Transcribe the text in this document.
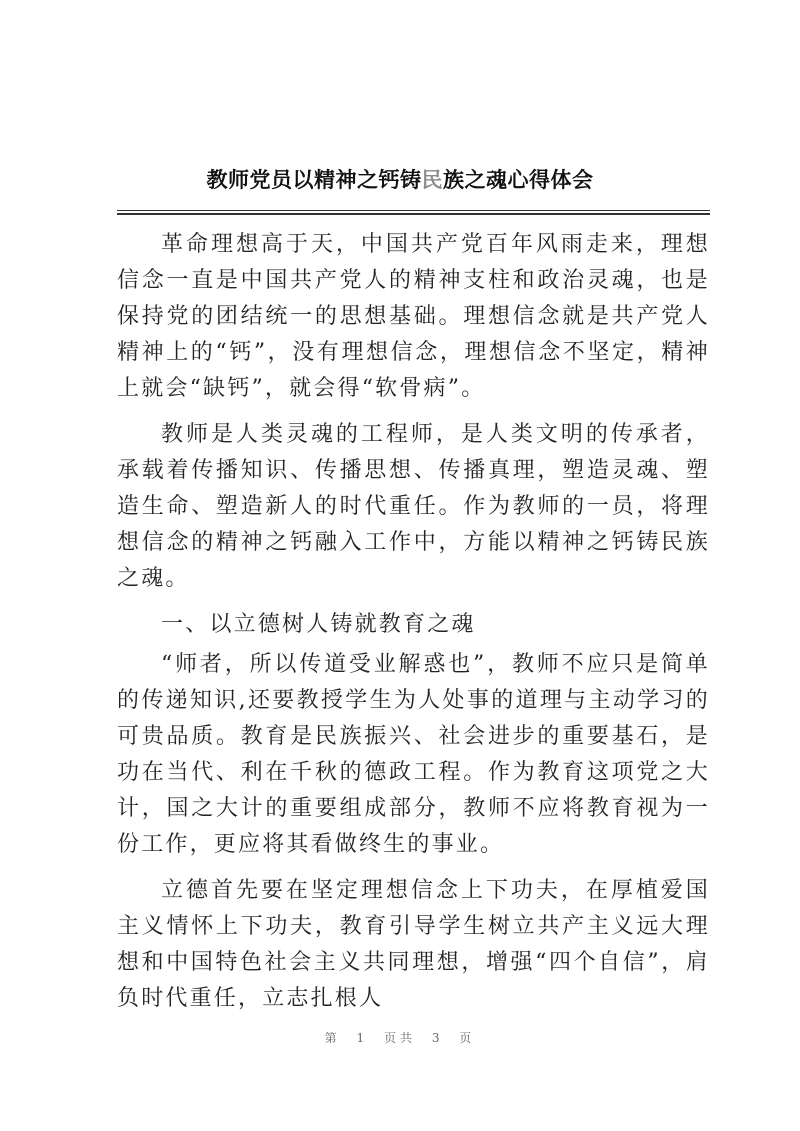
教师党员以精神之钙铸民族之魂心得体会

革命理想高于天，中国共产党百年风雨走来，理想信念一直是中国共产党人的精神支柱和政治灵魂，也是保持党的团结统一的思想基础。理想信念就是共产党人精神上的“钙”，没有理想信念，理想信念不坚定，精神上就会“缺钙”，就会得“软骨病”。

教师是人类灵魂的工程师，是人类文明的传承者，承载着传播知识、传播思想、传播真理，塑造灵魂、塑造生命、塑造新人的时代重任。作为教师的一员，将理想信念的精神之钙融入工作中，方能以精神之钙铸民族之魂。

一、以立德树人铸就教育之魂

“师者，所以传道受业解惑也”，教师不应只是简单的传递知识,还要教授学生为人处事的道理与主动学习的可贵品质。教育是民族振兴、社会进步的重要基石，是功在当代、利在千秋的德政工程。作为教育这项党之大计，国之大计的重要组成部分，教师不应将教育视为一份工作，更应将其看做终生的事业。

立德首先要在坚定理想信念上下功夫，在厚植爱国主义情怀上下功夫，教育引导学生树立共产主义远大理想和中国特色社会主义共同理想，增强“四个自信”，肩负时代重任，立志扎根人

第 1 页共 3 页
